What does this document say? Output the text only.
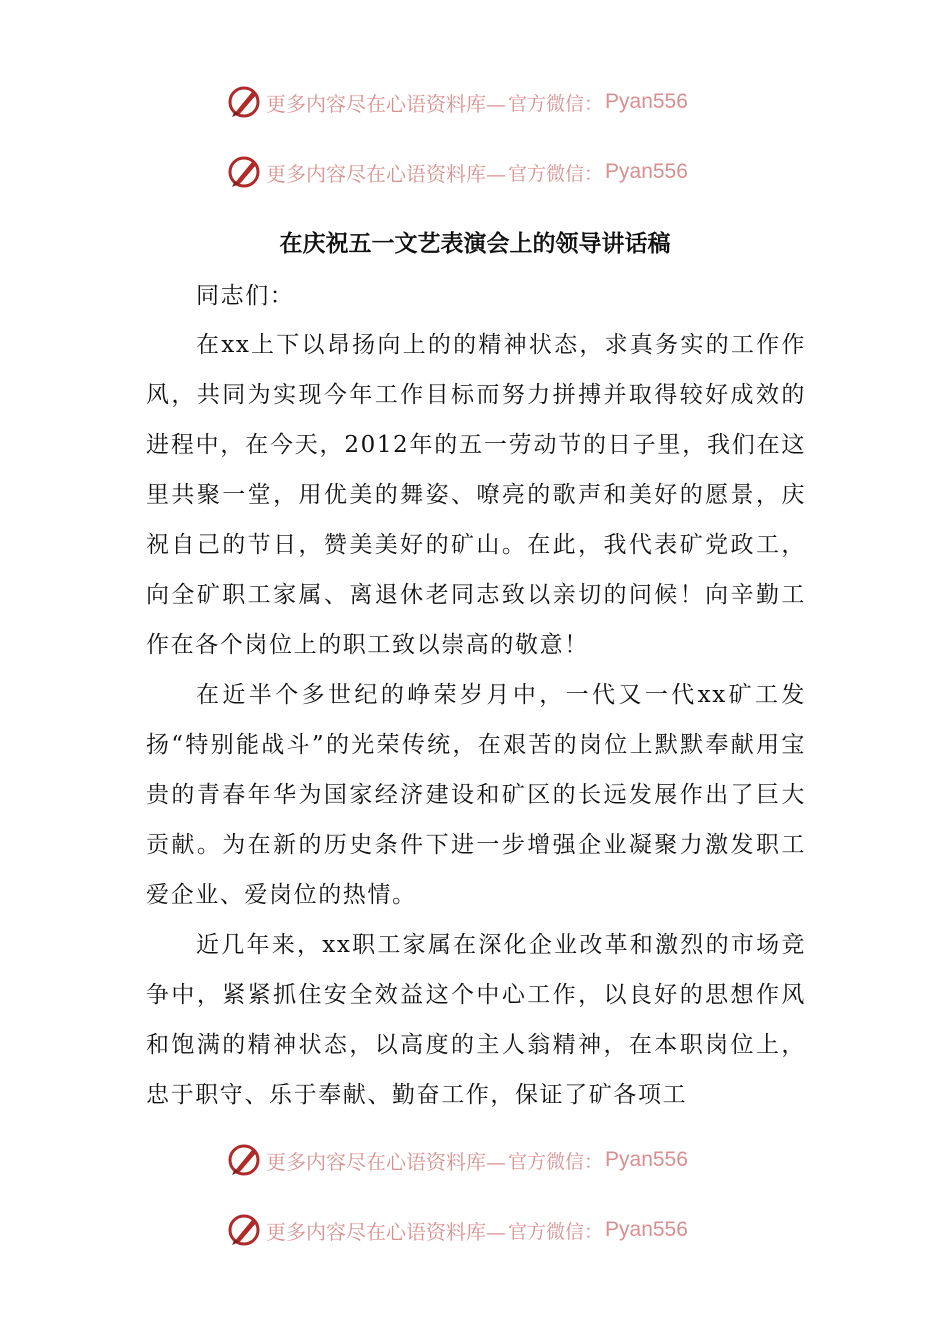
更多内容尽在心语资料库— 官方微信： Pyan556
更多内容尽在心语资料库— 官方微信： Pyan556
在庆祝五一文艺表演会上的领导讲话稿
同志们：

在xx上下以昂扬向上的的精神状态，求真务实的工作作风，共同为实现今年工作目标而努力拼搏并取得较好成效的进程中，在今天，2012年的五一劳动节的日子里，我们在这里共聚一堂，用优美的舞姿、嘹亮的歌声和美好的愿景，庆祝自己的节日，赞美美好的矿山。在此，我代表矿党政工，向全矿职工家属、离退休老同志致以亲切的问候！向辛勤工作在各个岗位上的职工致以崇高的敬意！

在近半个多世纪的峥荣岁月中，一代又一代xx矿工发扬“特别能战斗”的光荣传统，在艰苦的岗位上默默奉献用宝贵的青春年华为国家经济建设和矿区的长远发展作出了巨大贡献。为在新的历史条件下进一步增强企业凝聚力激发职工爱企业、爱岗位的热情。

近几年来，xx职工家属在深化企业改革和激烈的市场竞争中，紧紧抓住安全效益这个中心工作，以良好的思想作风和饱满的精神状态，以高度的主人翁精神，在本职岗位上，忠于职守、乐于奉献、勤奋工作，保证了矿各项工

更多内容尽在心语资料库— 官方微信： Pyan556
更多内容尽在心语资料库— 官方微信： Pyan556
